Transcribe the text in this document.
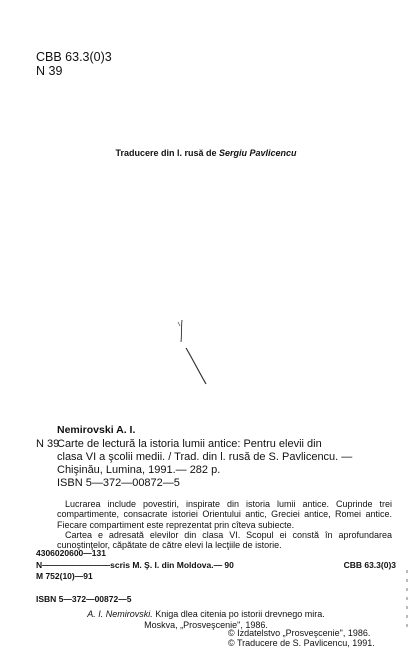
CBB 63.3(0)3
N 39
Traducere din l. rusă de Sergiu Pavlicencu
Nemirovski A. I.
N 39
Carte de lectură la istoria lumii antice: Pentru elevii din
clasa VI a şcolii medii. / Trad. din l. rusă de S. Pavlicencu. —
Chişinău, Lumina, 1991.— 282 p.
ISBN 5—372—00872—5

Lucrarea include povestiri, inspirate din istoria lumii antice. Cuprinde trei compartimente, consacrate istoriei Orientului antic, Greciei antice, Romei antice. Fiecare compartiment este reprezentat prin cîteva subiecte.

Cartea e adresată elevilor din clasa VI. Scopul ei constă în aprofundarea cunoştinţelor, căpătate de către elevi la lecţiile de istorie.

4306020600—131
N————————scris M. Ş. I. din Moldova.— 90	CBB 63.3(0)3
M 752(10)—91
ISBN 5—372—00872—5
A. I. Nemirovski. Kniga dlea citenia po istorii drevnego mira.
Moskva, „Prosveşcenie", 1986.
© Izdatelstvo „Prosveşcenie", 1986.
© Traducere de S. Pavlicencu, 1991.
